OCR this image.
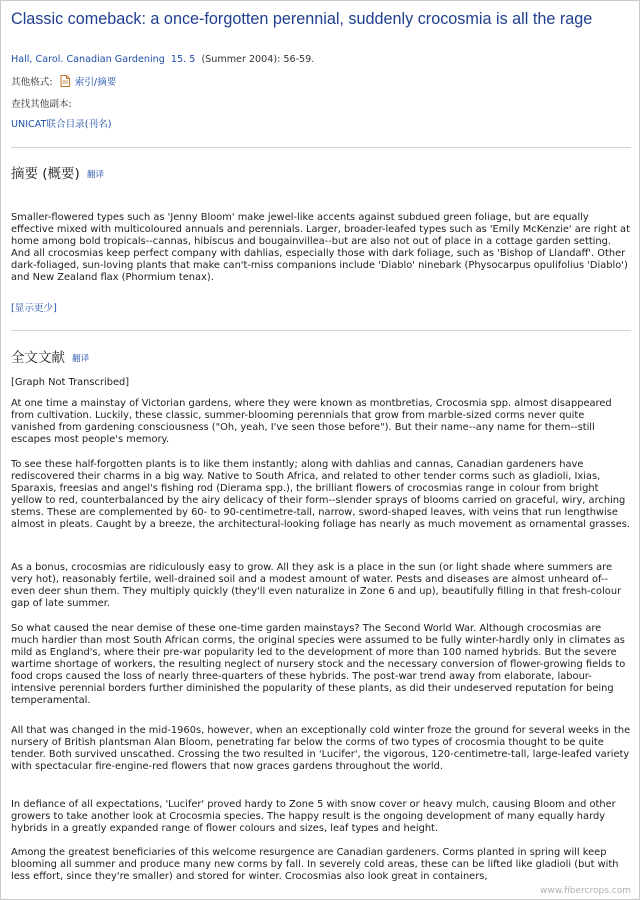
Classic comeback: a once-forgotten perennial, suddenly crocosmia is all the rage
Hall, Carol. Canadian Gardening 15. 5 (Summer 2004): 56-59.
其他格式: 索引/摘要
查找其他副本:
UNICAT联合目录(刊名)
摘要 (概要) 翻译
Smaller-flowered types such as 'Jenny Bloom' make jewel-like accents against subdued green foliage, but are equally effective mixed with multicoloured annuals and perennials. Larger, broader-leafed types such as 'Emily McKenzie' are right at home among bold tropicals--cannas, hibiscus and bougainvillea--but are also not out of place in a cottage garden setting. And all crocosmias keep perfect company with dahlias, especially those with dark foliage, such as 'Bishop of Llandaff'. Other dark-foliaged, sun-loving plants that make can't-miss companions include 'Diablo' ninebark (Physocarpus opulifolius 'Diablo') and New Zealand flax (Phormium tenax).
[显示更少]
全文文献 翻译
[Graph Not Transcribed]
At one time a mainstay of Victorian gardens, where they were known as montbretias, Crocosmia spp. almost disappeared from cultivation. Luckily, these classic, summer-blooming perennials that grow from marble-sized corms never quite vanished from gardening consciousness ("Oh, yeah, I've seen those before"). But their name--any name for them--still escapes most people's memory.
To see these half-forgotten plants is to like them instantly; along with dahlias and cannas, Canadian gardeners have rediscovered their charms in a big way. Native to South Africa, and related to other tender corms such as gladioli, Ixias, Sparaxis, freesias and angel's fishing rod (Dierama spp.), the brilliant flowers of crocosmias range in colour from bright yellow to red, counterbalanced by the airy delicacy of their form--slender sprays of blooms carried on graceful, wiry, arching stems. These are complemented by 60- to 90-centimetre-tall, narrow, sword-shaped leaves, with veins that run lengthwise almost in pleats. Caught by a breeze, the architectural-looking foliage has nearly as much movement as ornamental grasses.
As a bonus, crocosmias are ridiculously easy to grow. All they ask is a place in the sun (or light shade where summers are very hot), reasonably fertile, well-drained soil and a modest amount of water. Pests and diseases are almost unheard of--even deer shun them. They multiply quickly (they'll even naturalize in Zone 6 and up), beautifully filling in that fresh-colour gap of late summer.
So what caused the near demise of these one-time garden mainstays? The Second World War. Although crocosmias are much hardier than most South African corms, the original species were assumed to be fully winter-hardly only in climates as mild as England's, where their pre-war popularity led to the development of more than 100 named hybrids. But the severe wartime shortage of workers, the resulting neglect of nursery stock and the necessary conversion of flower-growing fields to food crops caused the loss of nearly three-quarters of these hybrids. The post-war trend away from elaborate, labour-intensive perennial borders further diminished the popularity of these plants, as did their undeserved reputation for being temperamental.
All that was changed in the mid-1960s, however, when an exceptionally cold winter froze the ground for several weeks in the nursery of British plantsman Alan Bloom, penetrating far below the corms of two types of crocosmia thought to be quite tender. Both survived unscathed. Crossing the two resulted in 'Lucifer', the vigorous, 120-centimetre-tall, large-leafed variety with spectacular fire-engine-red flowers that now graces gardens throughout the world.
In defiance of all expectations, 'Lucifer' proved hardy to Zone 5 with snow cover or heavy mulch, causing Bloom and other growers to take another look at Crocosmia species. The happy result is the ongoing development of many equally hardy hybrids in a greatly expanded range of flower colours and sizes, leaf types and height.
Among the greatest beneficiaries of this welcome resurgence are Canadian gardeners. Corms planted in spring will keep blooming all summer and produce many new corms by fall. In severely cold areas, these can be lifted like gladioli (but with less effort, since they're smaller) and stored for winter. Crocosmias also look great in containers,
www.fibercrops.com
